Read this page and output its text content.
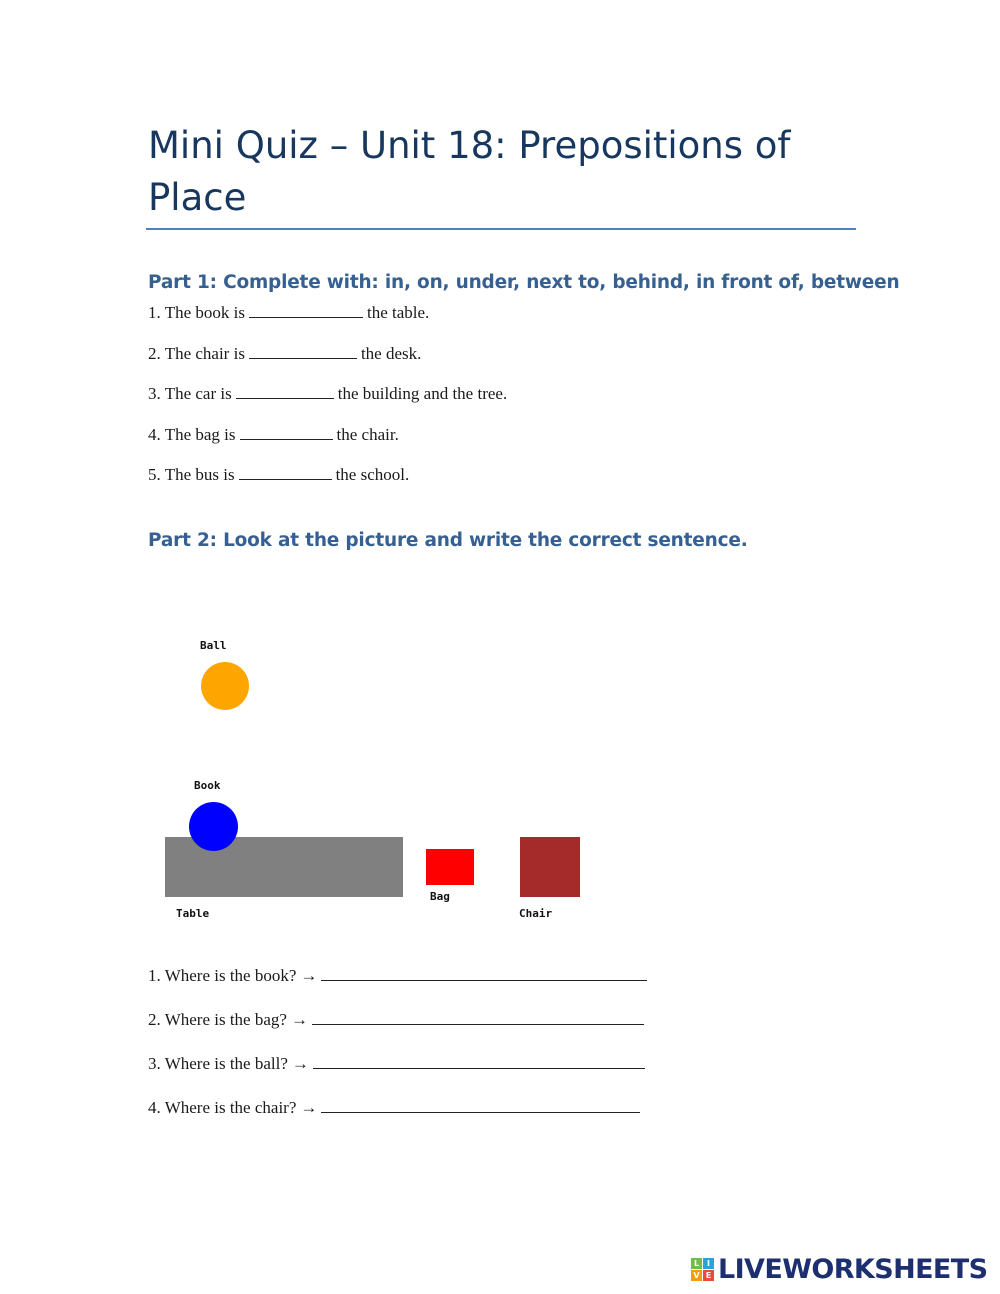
Mini Quiz – Unit 18: Prepositions of Place
Part 1: Complete with: in, on, under, next to, behind, in front of, between
1. The book is	the table.
2. The chair is	the desk.
3. The car is	the building and the tree.
4. The bag is	the chair.
5. The bus is	the school.
Part 2: Look at the picture and write the correct sentence.
Ball
Book
Table
Bag
Chair
1. Where is the book? →
2. Where is the bag? →
3. Where is the ball? →
4. Where is the chair? →
L I
V E LIVEWORKSHEETS
